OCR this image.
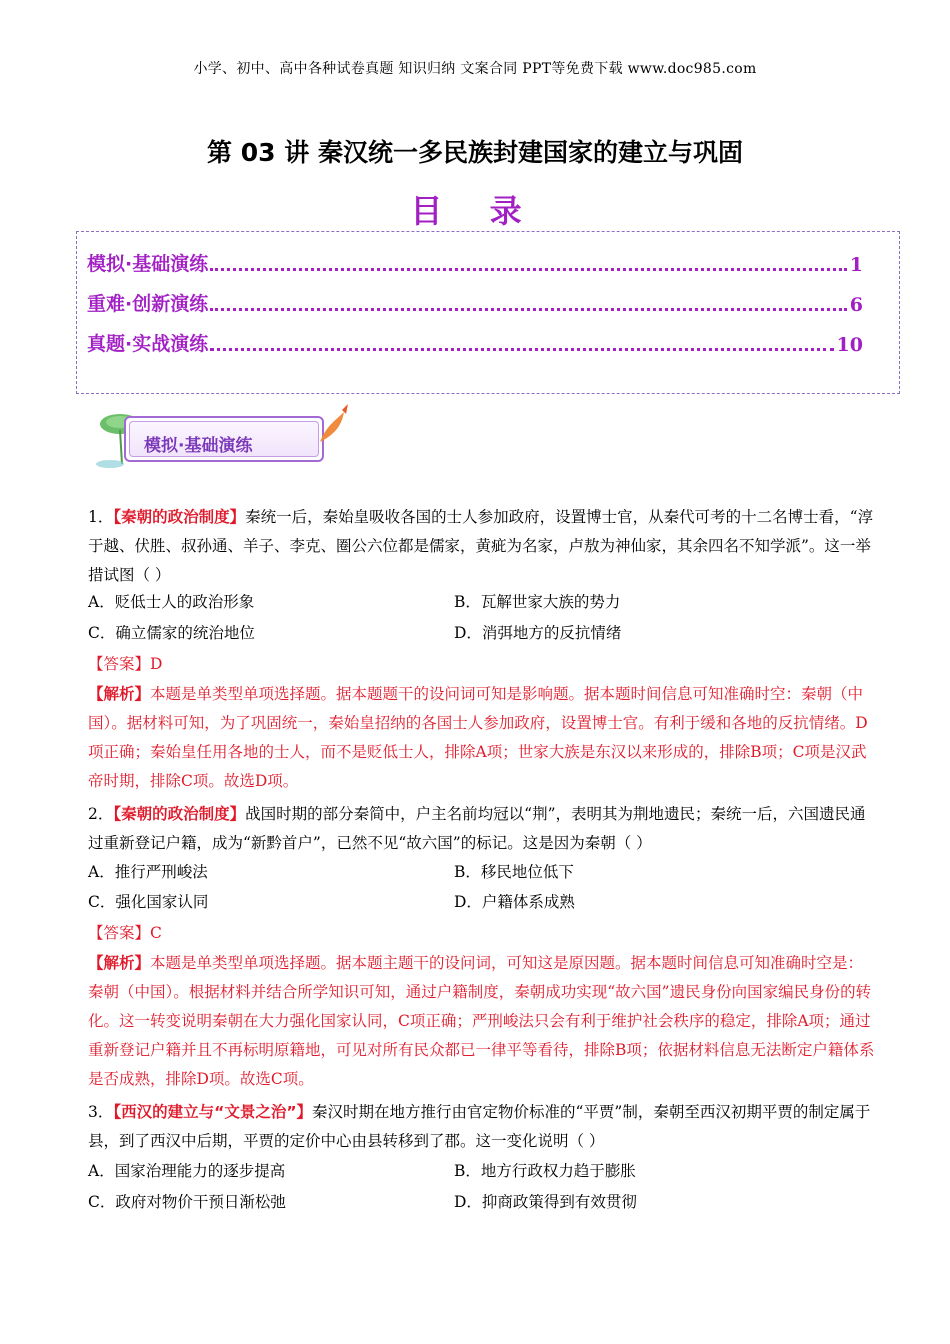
小学、初中、高中各种试卷真题 知识归纳 文案合同 PPT等免费下载 www.doc985.com
第 03 讲 秦汉统一多民族封建国家的建立与巩固
目 录
模拟·基础演练	1
重难·创新演练	6
真题·实战演练	10
模拟·基础演练
1．【秦朝的政治制度】秦统一后，秦始皇吸收各国的士人参加政府，设置博士官，从秦代可考的十二名博士看，“淳于越、伏胜、叔孙通、羊子、李克、圈公六位都是儒家，黄疵为名家，卢敖为神仙家，其余四名不知学派”。这一举措试图（ ）
A．贬低士人的政治形象	B．瓦解世家大族的势力
C．确立儒家的统治地位	D．消弭地方的反抗情绪
【答案】D
【解析】本题是单类型单项选择题。据本题题干的设问词可知是影响题。据本题时间信息可知准确时空：秦朝（中国）。据材料可知，为了巩固统一，秦始皇招纳的各国士人参加政府，设置博士官。有利于缓和各地的反抗情绪。D项正确；秦始皇任用各地的士人，而不是贬低士人，排除A项；世家大族是东汉以来形成的，排除B项；C项是汉武帝时期，排除C项。故选D项。
2．【秦朝的政治制度】战国时期的部分秦简中，户主名前均冠以“荆”，表明其为荆地遗民；秦统一后，六国遗民通过重新登记户籍，成为“新黔首户”，已然不见“故六国”的标记。这是因为秦朝（ ）
A．推行严刑峻法	B．移民地位低下
C．强化国家认同	D．户籍体系成熟
【答案】C
【解析】本题是单类型单项选择题。据本题主题干的设问词，可知这是原因题。据本题时间信息可知准确时空是：秦朝（中国）。根据材料并结合所学知识可知，通过户籍制度，秦朝成功实现“故六国”遗民身份向国家编民身份的转化。这一转变说明秦朝在大力强化国家认同，C项正确；严刑峻法只会有利于维护社会秩序的稳定，排除A项；通过重新登记户籍并且不再标明原籍地，可见对所有民众都已一律平等看待，排除B项；依据材料信息无法断定户籍体系是否成熟，排除D项。故选C项。
3．【西汉的建立与“文景之治”】秦汉时期在地方推行由官定物价标准的“平贾”制，秦朝至西汉初期平贾的制定属于县，到了西汉中后期，平贾的定价中心由县转移到了郡。这一变化说明（ ）
A．国家治理能力的逐步提高	B．地方行政权力趋于膨胀
C．政府对物价干预日渐松弛	D．抑商政策得到有效贯彻
